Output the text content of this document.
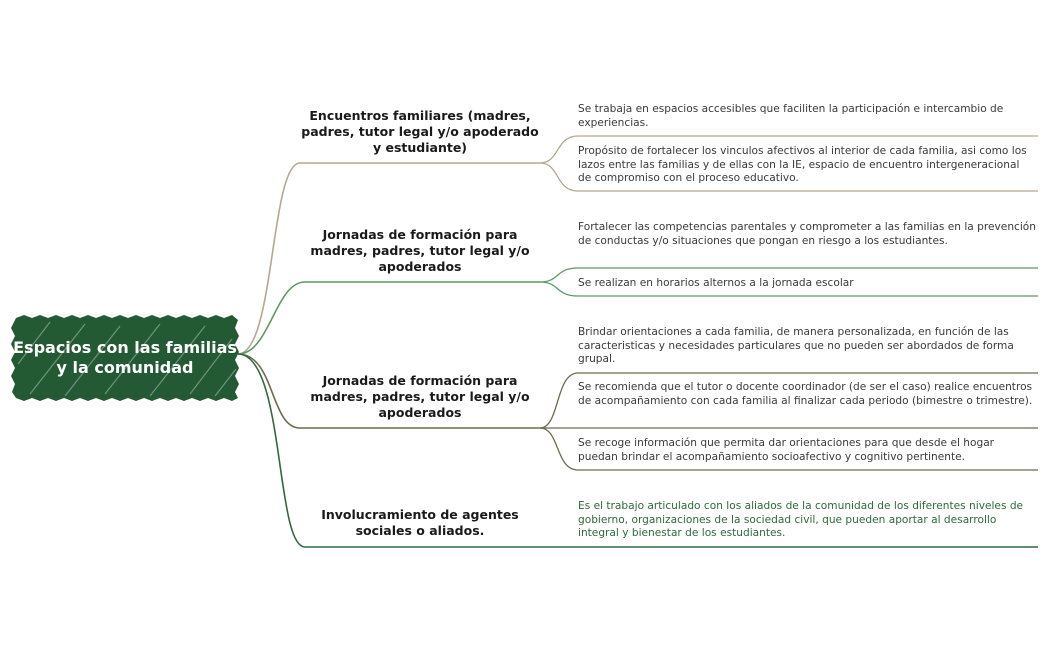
Espacios con las familias y la comunidad
Encuentros familiares (madres, padres, tutor legal y/o apoderado y estudiante)
Jornadas de formación para madres, padres, tutor legal y/o apoderados
Jornadas de formación para madres, padres, tutor legal y/o apoderados
Involucramiento de agentes sociales o aliados.
Se trabaja en espacios accesibles que faciliten la participación e intercambio de experiencias.
Propósito de fortalecer los vinculos afectivos al interior de cada familia, asi como los lazos entre las familias y de ellas con la IE, espacio de encuentro intergeneracional de compromiso con el proceso educativo.
Fortalecer las competencias parentales y comprometer a las familias en la prevención de conductas y/o situaciones que pongan en riesgo a los estudiantes.
Se realizan en horarios alternos a la jornada escolar
Brindar orientaciones a cada familia, de manera personalizada, en función de las caracteristicas y necesidades particulares que no pueden ser abordados de forma grupal.
Se recomienda que el tutor o docente coordinador (de ser el caso) realice encuentros de acompañamiento con cada familia al finalizar cada periodo (bimestre o trimestre).
Se recoge información que permita dar orientaciones para que desde el hogar puedan brindar el acompañamiento socioafectivo y cognitivo pertinente.
Es el trabajo articulado con los aliados de la comunidad de los diferentes niveles de gobierno, organizaciones de la sociedad civil, que pueden aportar al desarrollo integral y bienestar de los estudiantes.
